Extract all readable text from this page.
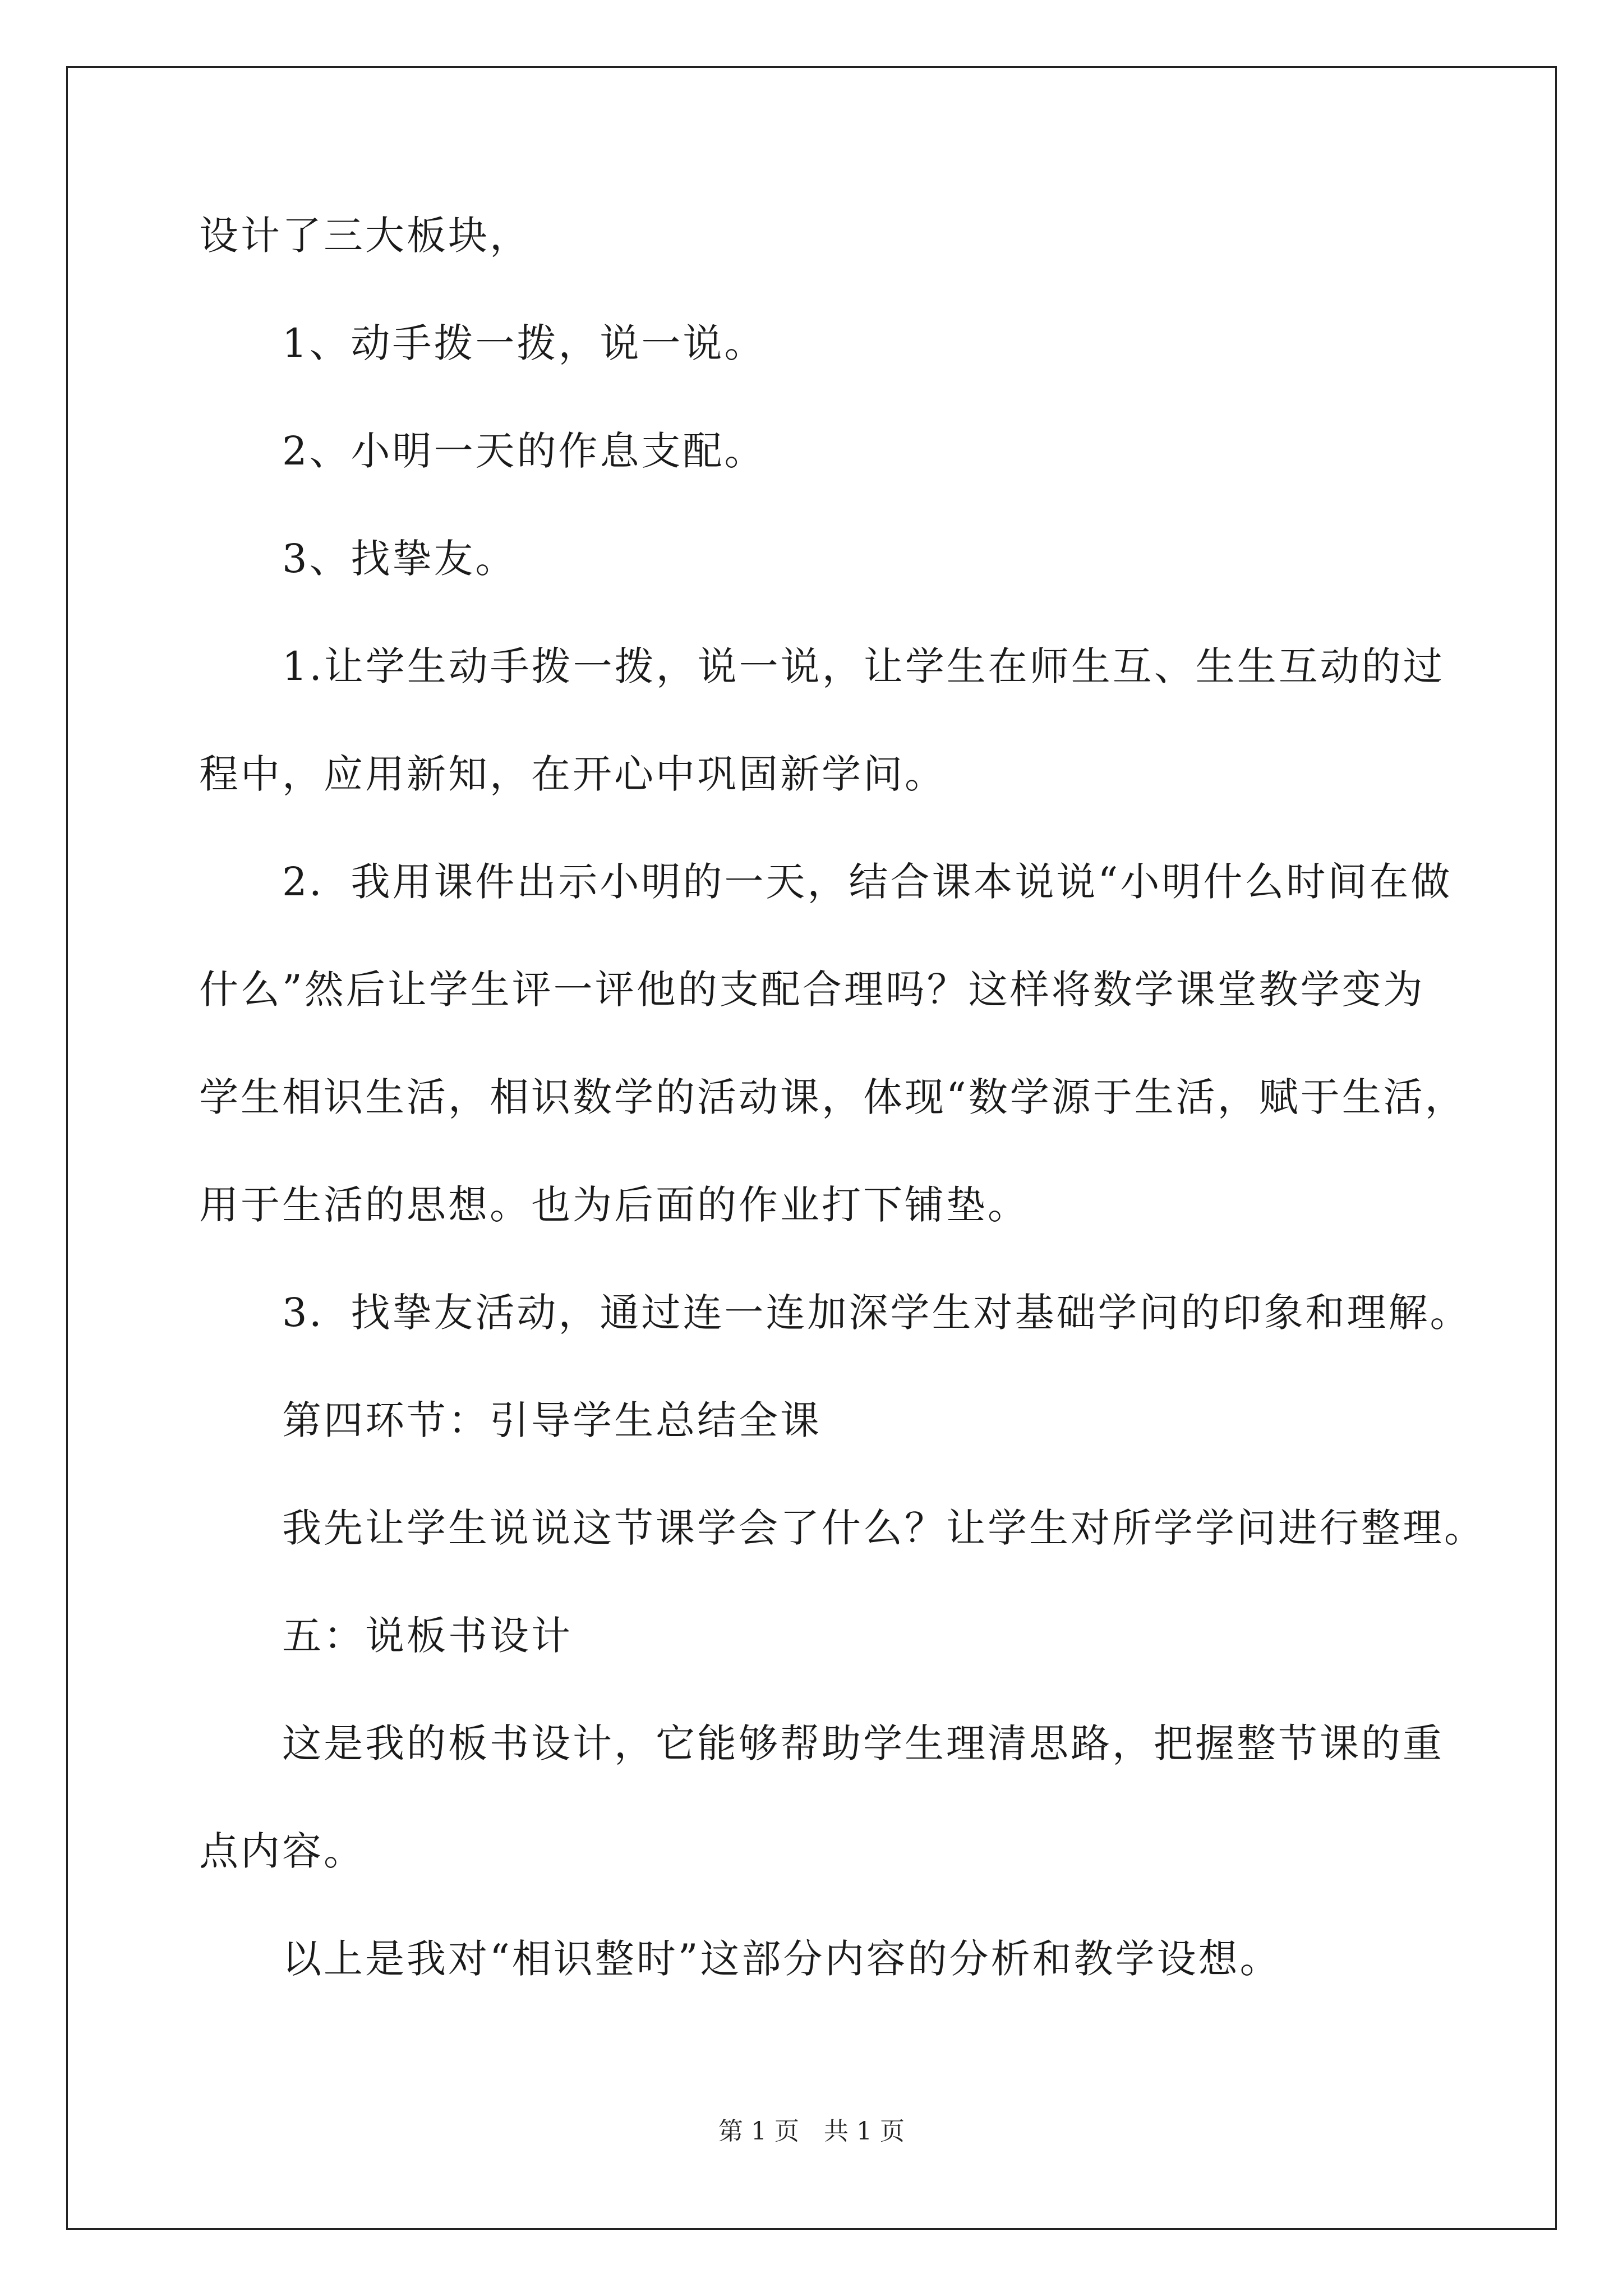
设计了三大板块，
1、动手拨一拨，说一说。
2、小明一天的作息支配。
3、找挚友。
1.让学生动手拨一拨，说一说，让学生在师生互、生生互动的过
程中，应用新知，在开心中巩固新学问。
2．我用课件出示小明的一天，结合课本说说“小明什么时间在做
什么”然后让学生评一评他的支配合理吗？这样将数学课堂教学变为
学生相识生活，相识数学的活动课，体现“数学源于生活，赋于生活，
用于生活的思想。也为后面的作业打下铺垫。
3．找挚友活动，通过连一连加深学生对基础学问的印象和理解。
第四环节：引导学生总结全课
我先让学生说说这节课学会了什么？让学生对所学学问进行整理。
五：说板书设计
这是我的板书设计，它能够帮助学生理清思路，把握整节课的重
点内容。
以上是我对“相识整时”这部分内容的分析和教学设想。
第 1 页　共 1 页
